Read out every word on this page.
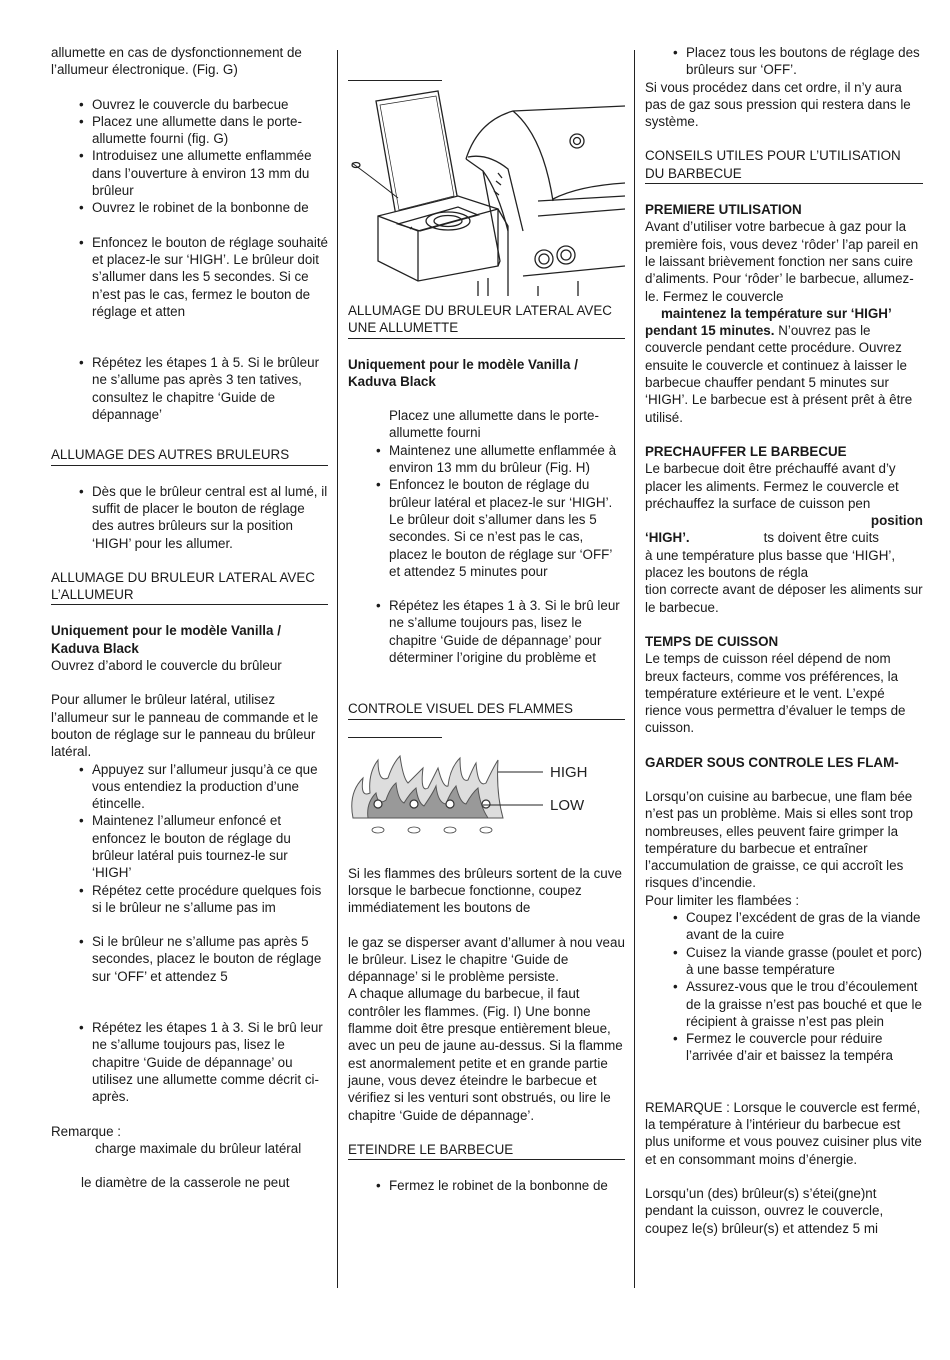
allumette en cas de dysfonctionnement de l’allumeur électronique. (Fig. G)

• Ouvrez le couvercle du barbecue
• Placez une allumette dans le porte-allumette fourni (fig. G)
• Introduisez une allumette enflammée dans l’ouverture à environ 13 mm du brûleur
• Ouvrez le robinet de la bonbonne de
• Enfoncez le bouton de réglage souhaité et placez-le sur ‘HIGH’. Le brûleur doit s’allumer dans les 5 secondes. Si ce n’est pas le cas, fermez le bouton de réglage et atten
• Répétez les étapes 1 à 5. Si le brûleur ne s’allume pas après 3 ten tatives, consultez le chapitre ‘Guide de dépannage’
ALLUMAGE DES AUTRES BRULEURS
• Dès que le brûleur central est al lumé, il suffit de placer le bouton de réglage des autres brûleurs sur la position ‘HIGH’ pour les allumer.
ALLUMAGE DU BRULEUR LATERAL AVEC L’ALLUMEUR

Uniquement pour le modèle Vanilla / Kaduva Black

Ouvrez d’abord le couvercle du brûleur

Pour allumer le brûleur latéral, utilisez l’allumeur sur le panneau de commande et le bouton de réglage sur le panneau du brûleur latéral.

• Appuyez sur l’allumeur jusqu’à ce que vous entendiez la production d’une étincelle.
• Maintenez l’allumeur enfoncé et enfoncez le bouton de réglage du brûleur latéral puis tournez-le sur ‘HIGH’
• Répétez cette procédure quelques fois si le brûleur ne s’allume pas im
• Si le brûleur ne s’allume pas après 5 secondes, placez le bouton de réglage sur ‘OFF’ et attendez 5
• Répétez les étapes 1 à 3. Si le brû leur ne s’allume toujours pas, lisez le chapitre ‘Guide de dépannage’ ou utilisez une allumette comme décrit ci-après.

Remarque :

charge maximale du brûleur latéral

le diamètre de la casserole ne peut

ALLUMAGE DU BRULEUR LATERAL AVEC UNE ALLUMETTE

Uniquement pour le modèle Vanilla / Kaduva Black

Placez une allumette dans le porte-allumette fourni

• Maintenez une allumette enflammée à environ 13 mm du brûleur (Fig. H)
• Enfoncez le bouton de réglage du brûleur latéral et placez-le sur ‘HIGH’. Le brûleur doit s’allumer dans les 5 secondes. Si ce n’est pas le cas, placez le bouton de réglage sur ‘OFF’ et attendez 5 minutes pour
• Répétez les étapes 1 à 3. Si le brû leur ne s’allume toujours pas, lisez le chapitre ‘Guide de dépannage’ pour déterminer l’origine du problème et
CONTROLE VISUEL DES FLAMMES
HIGH
LOW

Si les flammes des brûleurs sortent de la cuve lorsque le barbecue fonctionne, coupez immédiatement les boutons de

le gaz se disperser avant d’allumer à nou veau le brûleur. Lisez le chapitre ‘Guide de dépannage’ si le problème persiste.

A chaque allumage du barbecue, il faut contrôler les flammes. (Fig. I) Une bonne flamme doit être presque entièrement bleue, avec un peu de jaune au-dessus. Si la flamme est anormalement petite et en grande partie jaune, vous devez éteindre le barbecue et vérifiez si les venturi sont obstrués, ou lire le chapitre ‘Guide de dépannage’.

ETEINDRE LE BARBECUE
• Fermez le robinet de la bonbonne de
• Placez tous les boutons de réglage des brûleurs sur ‘OFF’.

Si vous procédez dans cet ordre, il n’y aura pas de gaz sous pression qui restera dans le système.

CONSEILS UTILES POUR L’UTILISATION DU BARBECUE

PREMIERE UTILISATION

Avant d’utiliser votre barbecue à gaz pour la première fois, vous devez ‘rôder’ l’ap pareil en le laissant brièvement fonction ner sans cuire d’aliments. Pour ‘rôder’ le barbecue, allumez-le. Fermez le couvercle
maintenez la température sur ‘HIGH’ pendant 15 minutes. N’ouvrez pas le couvercle pendant cette procédure. Ouvrez ensuite le couvercle et continuez à laisser le barbecue chauffer pendant 5 minutes sur ‘HIGH’. Le barbecue est à présent prêt à être utilisé.

PRECHAUFFER LE BARBECUE

Le barbecue doit être préchauffé avant d’y placer les aliments. Fermez le couvercle et préchauffez la surface de cuisson pen

position

‘HIGH’.	ts doivent être cuits

à une température plus basse que ‘HIGH’, placez les boutons de régla

tion correcte avant de déposer les aliments sur le barbecue.

TEMPS DE CUISSON

Le temps de cuisson réel dépend de nom breux facteurs, comme vos préférences, la température extérieure et le vent. L’expé rience vous permettra d’évaluer le temps de cuisson.

GARDER SOUS CONTROLE LES FLAM-

Lorsqu’on cuisine au barbecue, une flam bée n’est pas un problème. Mais si elles sont trop nombreuses, elles peuvent faire grimper la température du barbecue et entraîner l’accumulation de graisse, ce qui accroît les risques d’incendie.

Pour limiter les flambées :

• Coupez l’excédent de gras de la viande avant de la cuire
• Cuisez la viande grasse (poulet et porc) à une basse température
• Assurez-vous que le trou d’écoulement de la graisse n’est pas bouché et que le récipient à graisse n’est pas plein
• Fermez le couvercle pour réduire l’arrivée d’air et baissez la tempéra

REMARQUE : Lorsque le couvercle est fermé, la température à l’intérieur du barbecue est plus uniforme et vous pouvez cuisiner plus vite et en consommant moins d’énergie.

Lorsqu’un (des) brûleur(s) s’étei(gne)nt pendant la cuisson, ouvrez le couvercle, coupez le(s) brûleur(s) et attendez 5 mi
